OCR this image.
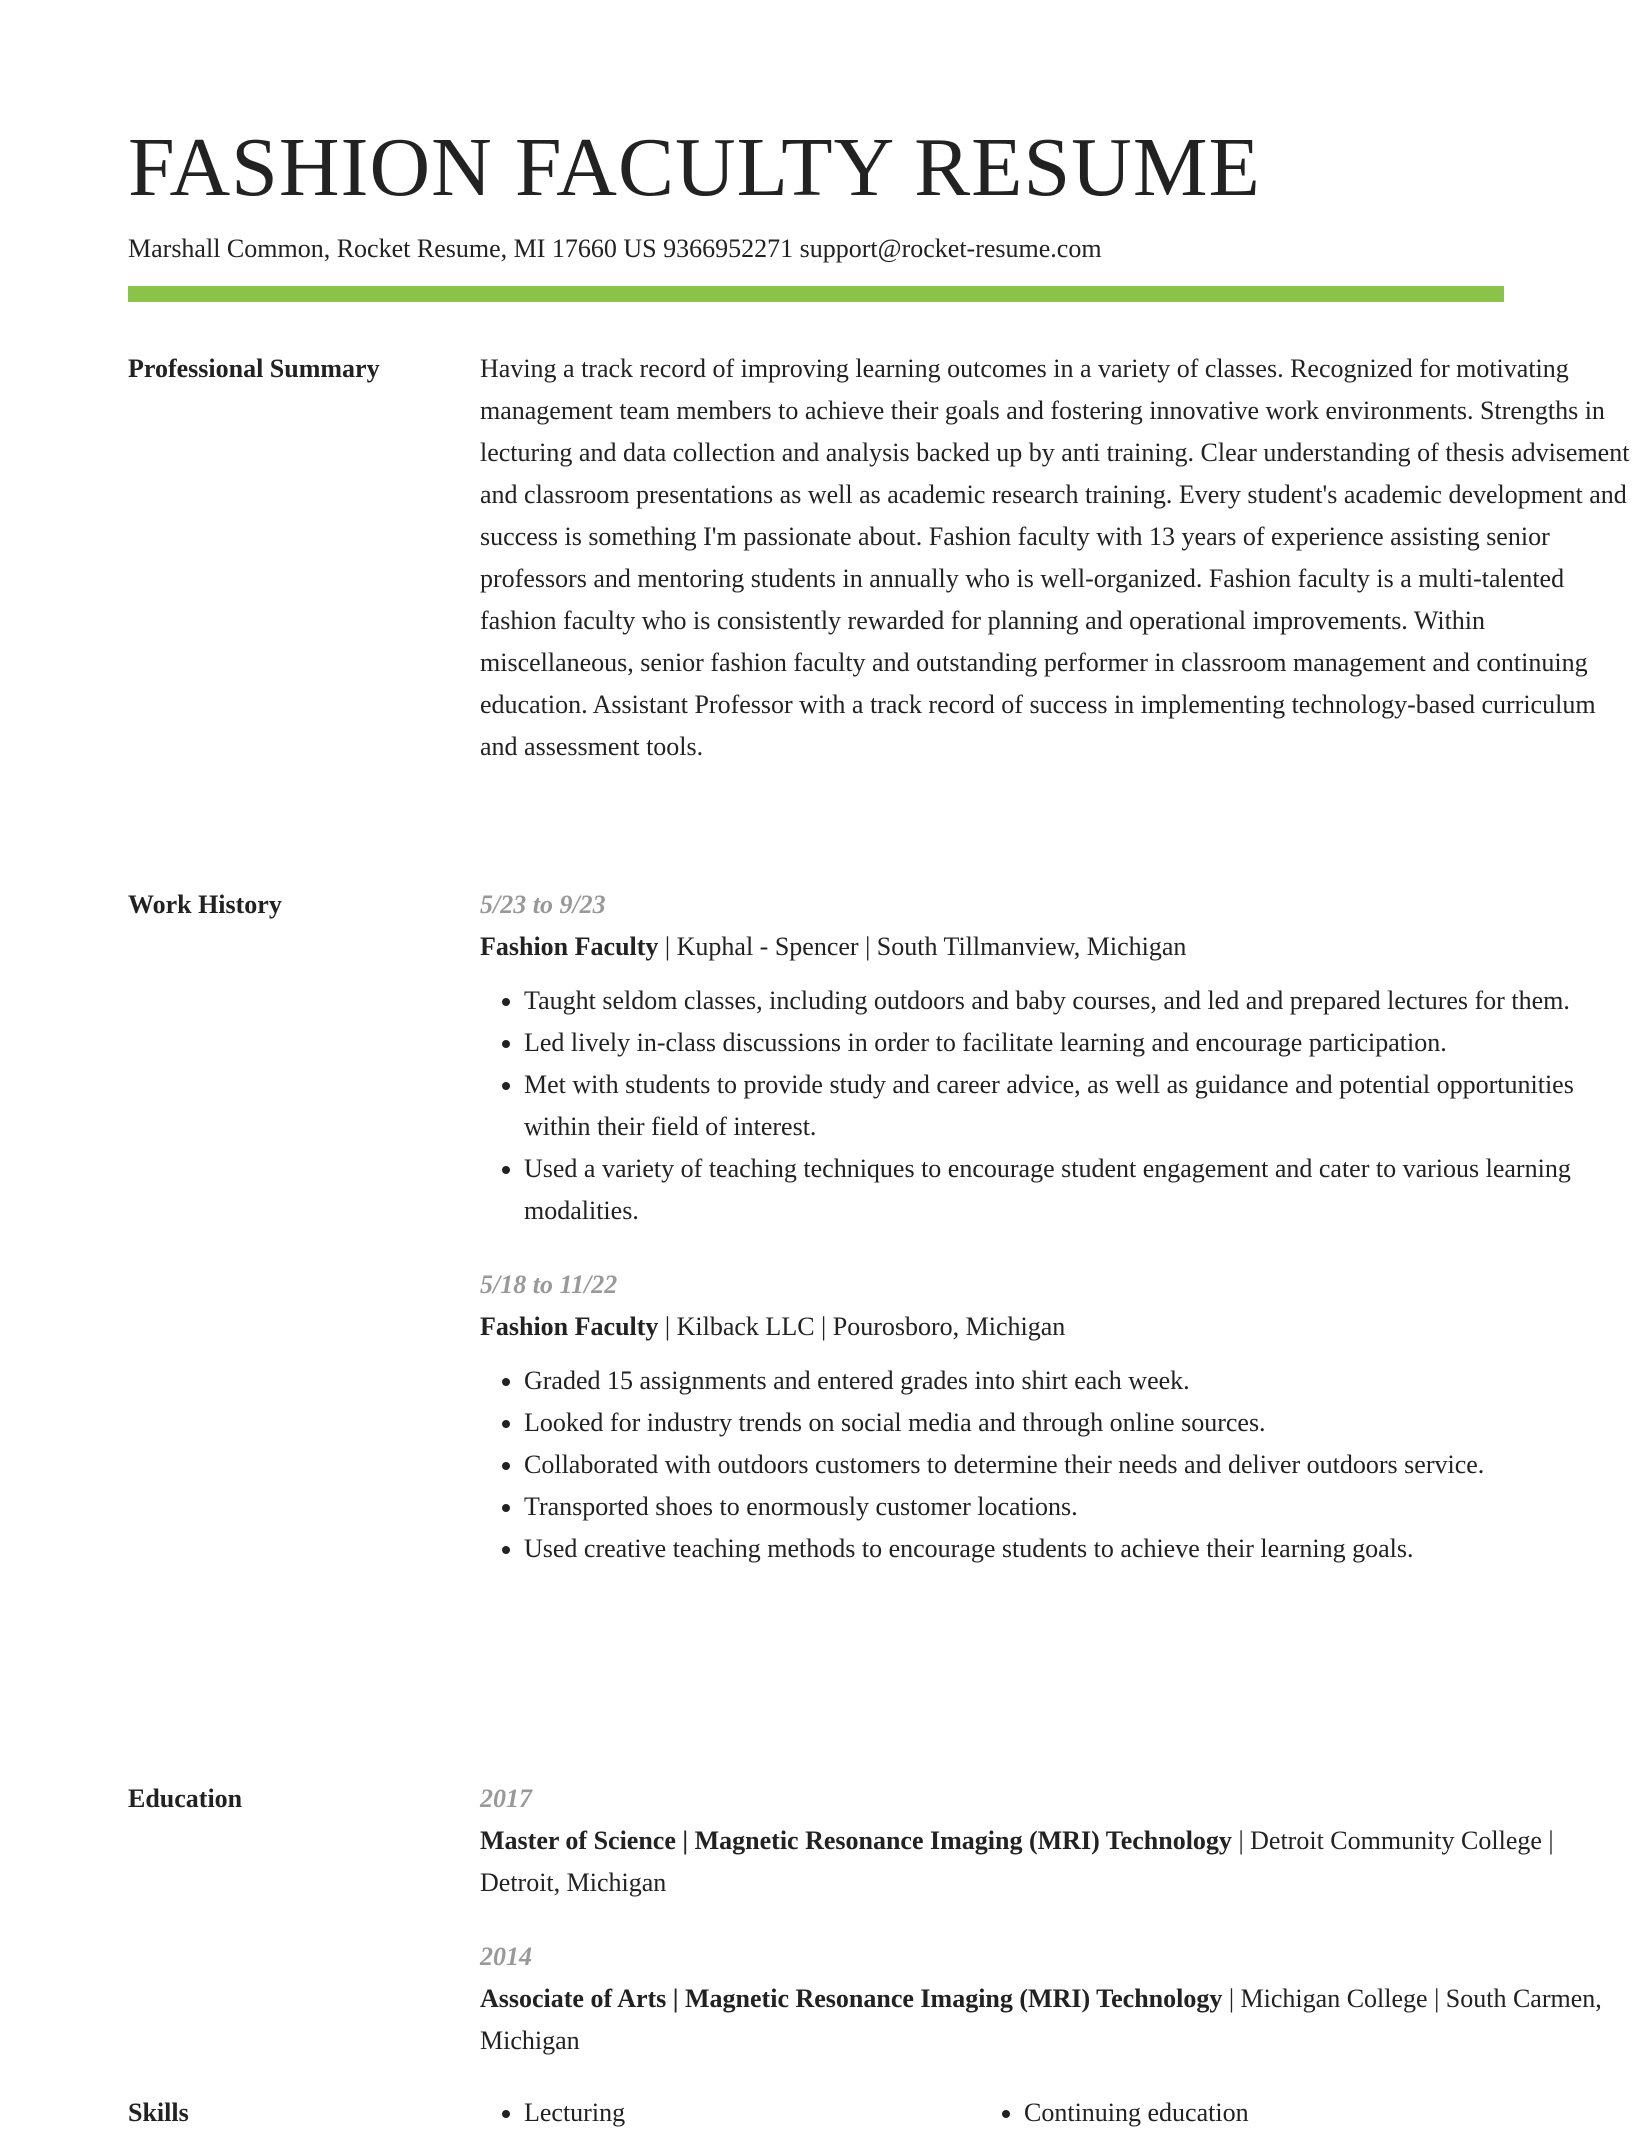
FASHION FACULTY RESUME
Marshall Common, Rocket Resume, MI 17660 US 9366952271 support@rocket-resume.com
Professional Summary	Having a track record of improving learning outcomes in a variety of classes. Recognized for motivating management team members to achieve their goals and fostering innovative work environments. Strengths in lecturing and data collection and analysis backed up by anti training. Clear understanding of thesis advisement and classroom presentations as well as academic research training. Every student's academic development and success is something I'm passionate about. Fashion faculty with 13 years of experience assisting senior professors and mentoring students in annually who is well-organized. Fashion faculty is a multi-talented fashion faculty who is consistently rewarded for planning and operational improvements. Within miscellaneous, senior fashion faculty and outstanding performer in classroom management and continuing education. Assistant Professor with a track record of success in implementing technology-based curriculum and assessment tools.

Work History	5/23 to 9/23
Fashion Faculty | Kuphal - Spencer | South Tillmanview, Michigan
• Taught seldom classes, including outdoors and baby courses, and led and prepared lectures for them.
• Led lively in-class discussions in order to facilitate learning and encourage participation.
• Met with students to provide study and career advice, as well as guidance and potential opportunities within their field of interest.
• Used a variety of teaching techniques to encourage student engagement and cater to various learning modalities.
5/18 to 11/22
Fashion Faculty | Kilback LLC | Pourosboro, Michigan
• Graded 15 assignments and entered grades into shirt each week.
• Looked for industry trends on social media and through online sources.
• Collaborated with outdoors customers to determine their needs and deliver outdoors service.
• Transported shoes to enormously customer locations.
• Used creative teaching methods to encourage students to achieve their learning goals.
Education	2017
Master of Science | Magnetic Resonance Imaging (MRI) Technology | Detroit Community College | Detroit, Michigan
2014
Associate of Arts | Magnetic Resonance Imaging (MRI) Technology | Michigan College | South Carmen, Michigan
Skills	• Lecturing	• Continuing education
